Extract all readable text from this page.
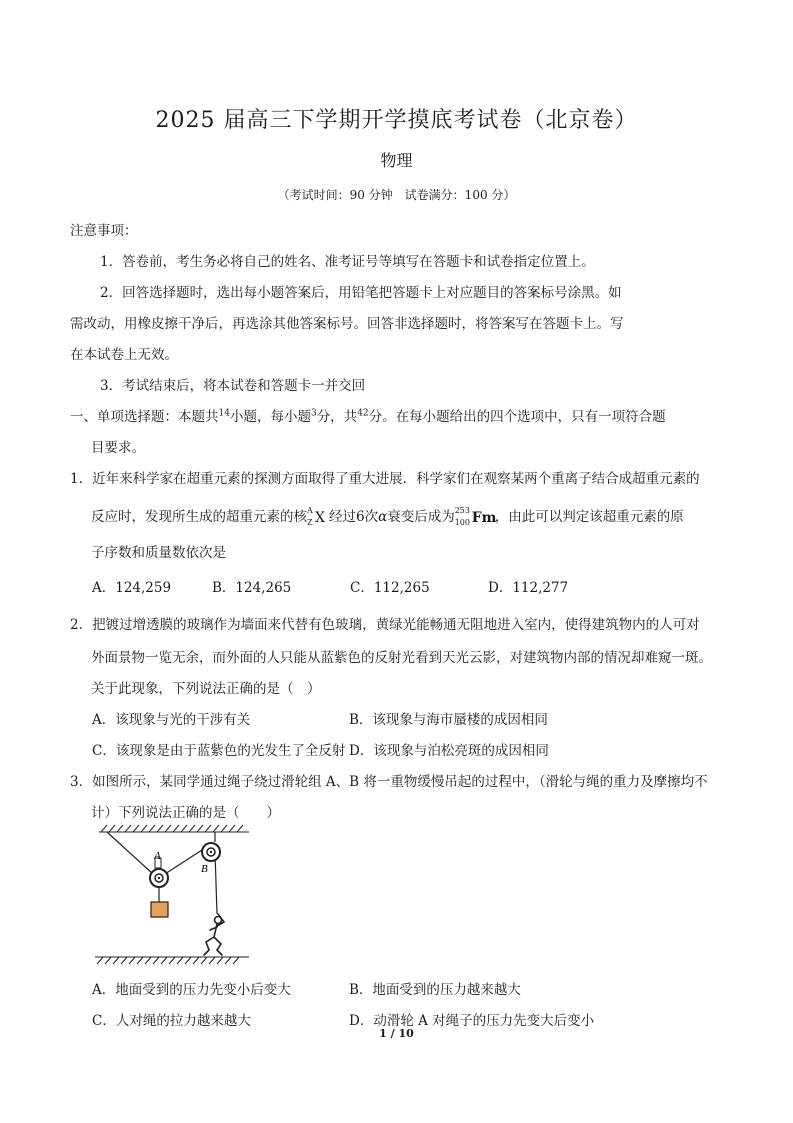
2025 届高三下学期开学摸底考试卷（北京卷）
物理
（考试时间：90 分钟　试卷满分：100 分）
注意事项：
1．答卷前，考生务必将自己的姓名、准考证号等填写在答题卡和试卷指定位置上。
2．回答选择题时，选出每小题答案后，用铅笔把答题卡上对应题目的答案标号涂黑。如
需改动，用橡皮擦干净后，再选涂其他答案标号。回答非选择题时，将答案写在答题卡上。写
在本试卷上无效。
3．考试结束后，将本试卷和答题卡一并交回
一、单项选择题：本题共$^{14}$小题，每小题$^3$分，共$^{42}$分。在每小题给出的四个选项中，只有一项符合题
目要求。
1．近年来科学家在超重元素的探测方面取得了重大进展．科学家们在观察某两个重离子结合成超重元素的
反应时，发现所生成的超重元素的核 A
Z X 经过6次α衰变后成为 253
100 Fm
，由此可以判定该超重元素的原
子序数和质量数依次是
A．124,259	B．124,265	C．112,265	D．112,277
2．把镀过增透膜的玻璃作为墙面来代替有色玻璃，黄绿光能畅通无阻地进入室内，使得建筑物内的人可对
外面景物一览无余，而外面的人只能从蓝紫色的反射光看到天光云影，对建筑物内部的情况却难窥一斑。
关于此现象，下列说法正确的是（　）
A．该现象与光的干涉有关	B．该现象与海市蜃楼的成因相同
C．该现象是由于蓝紫色的光发生了全反射 D．该现象与泊松亮斑的成因相同
3．如图所示，某同学通过绳子绕过滑轮组 A、B 将一重物缓慢吊起的过程中，（滑轮与绳的重力及摩擦均不
计）下列说法正确的是（　　）
A
B
A．地面受到的压力先变小后变大	B．地面受到的压力越来越大
C．人对绳的拉力越来越大	D．动滑轮 A 对绳子的压力先变大后变小
1 / 10
